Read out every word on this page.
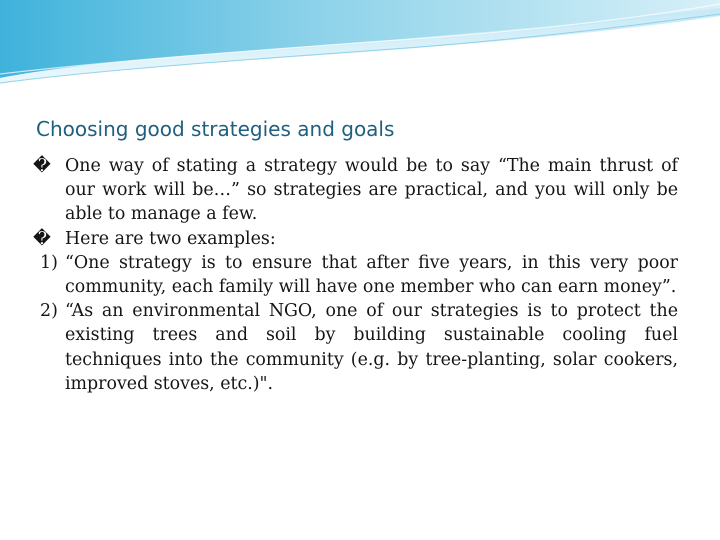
Choosing good strategies and goals

� One way of stating a strategy would be to say “The main thrust of our work will be…” so strategies are practical, and you will only be able to manage a few.

� Here are two examples:

1) “One strategy is to ensure that after five years, in this very poor community, each family will have one member who can earn money”.

2) “As an environmental NGO, one of our strategies is to protect the existing trees and soil by building sustainable cooling fuel techniques into the community (e.g. by tree-planting, solar cookers, improved stoves, etc.)".
